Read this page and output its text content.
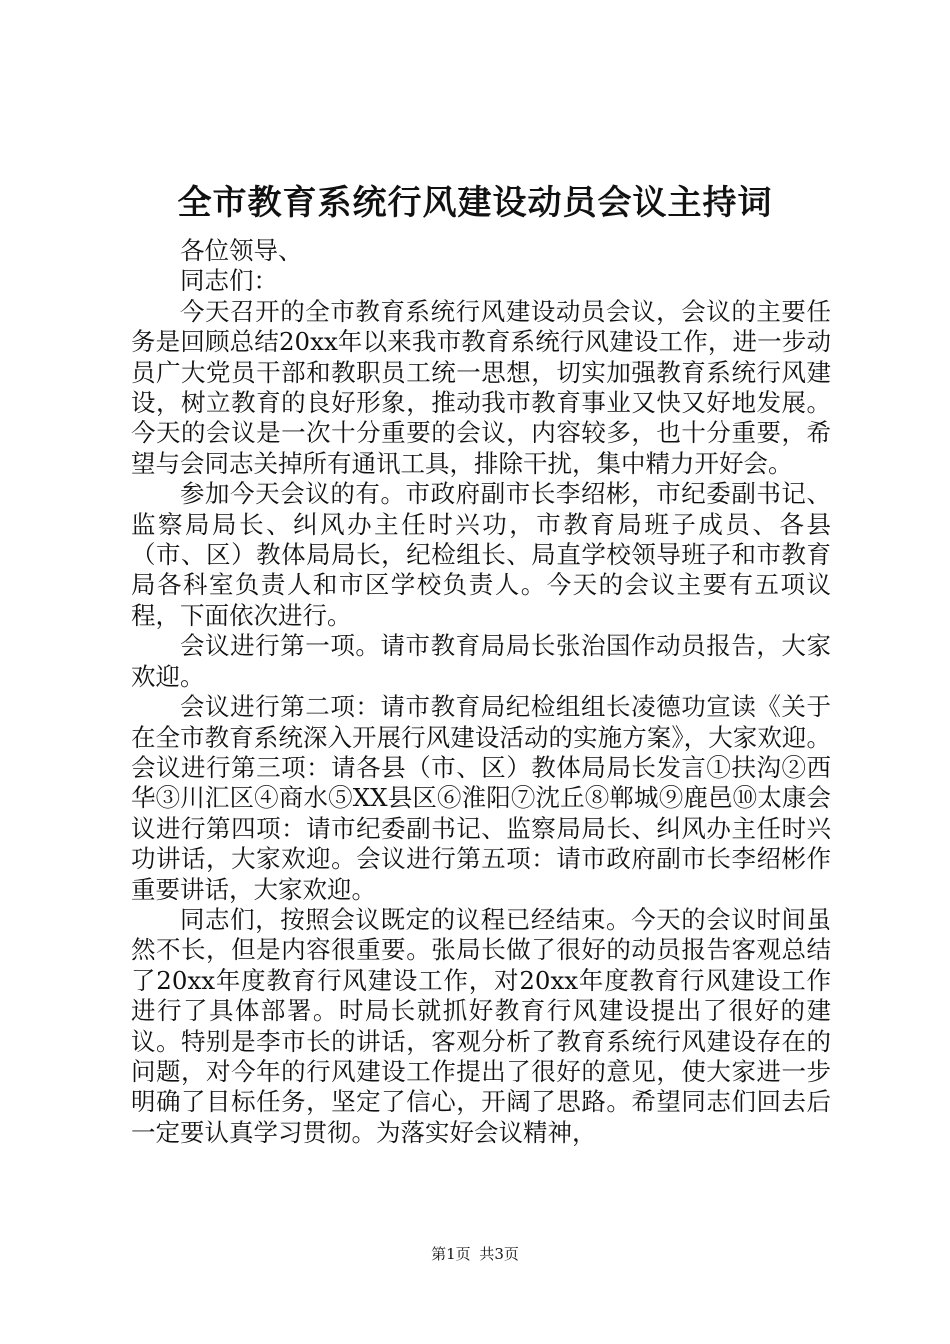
全市教育系统行风建设动员会议主持词

各位领导、

同志们：

今天召开的全市教育系统行风建设动员会议，会议的主要任务是回顾总结20xx年以来我市教育系统行风建设工作，进一步动员广大党员干部和教职员工统一思想，切实加强教育系统行风建设，树立教育的良好形象，推动我市教育事业又快又好地发展。今天的会议是一次十分重要的会议，内容较多，也十分重要，希望与会同志关掉所有通讯工具，排除干扰，集中精力开好会。

参加今天会议的有。市政府副市长李绍彬，市纪委副书记、监察局局长、纠风办主任时兴功，市教育局班子成员、各县（市、区）教体局局长，纪检组长、局直学校领导班子和市教育局各科室负责人和市区学校负责人。今天的会议主要有五项议程，下面依次进行。

会议进行第一项。请市教育局局长张治国作动员报告，大家欢迎。

会议进行第二项：请市教育局纪检组组长凌德功宣读《关于在全市教育系统深入开展行风建设活动的实施方案》，大家欢迎。会议进行第三项：请各县（市、区）教体局局长发言①扶沟②西华③川汇区④商水⑤XX县区⑥淮阳⑦沈丘⑧郸城⑨鹿邑⑩太康会议进行第四项：请市纪委副书记、监察局局长、纠风办主任时兴功讲话，大家欢迎。会议进行第五项：请市政府副市长李绍彬作重要讲话，大家欢迎。

同志们，按照会议既定的议程已经结束。今天的会议时间虽然不长，但是内容很重要。张局长做了很好的动员报告客观总结了20xx年度教育行风建设工作，对20xx年度教育行风建设工作进行了具体部署。时局长就抓好教育行风建设提出了很好的建议。特别是李市长的讲话，客观分析了教育系统行风建设存在的问题，对今年的行风建设工作提出了很好的意见，使大家进一步明确了目标任务，坚定了信心，开阔了思路。希望同志们回去后一定要认真学习贯彻。为落实好会议精神，

第1页 共3页
